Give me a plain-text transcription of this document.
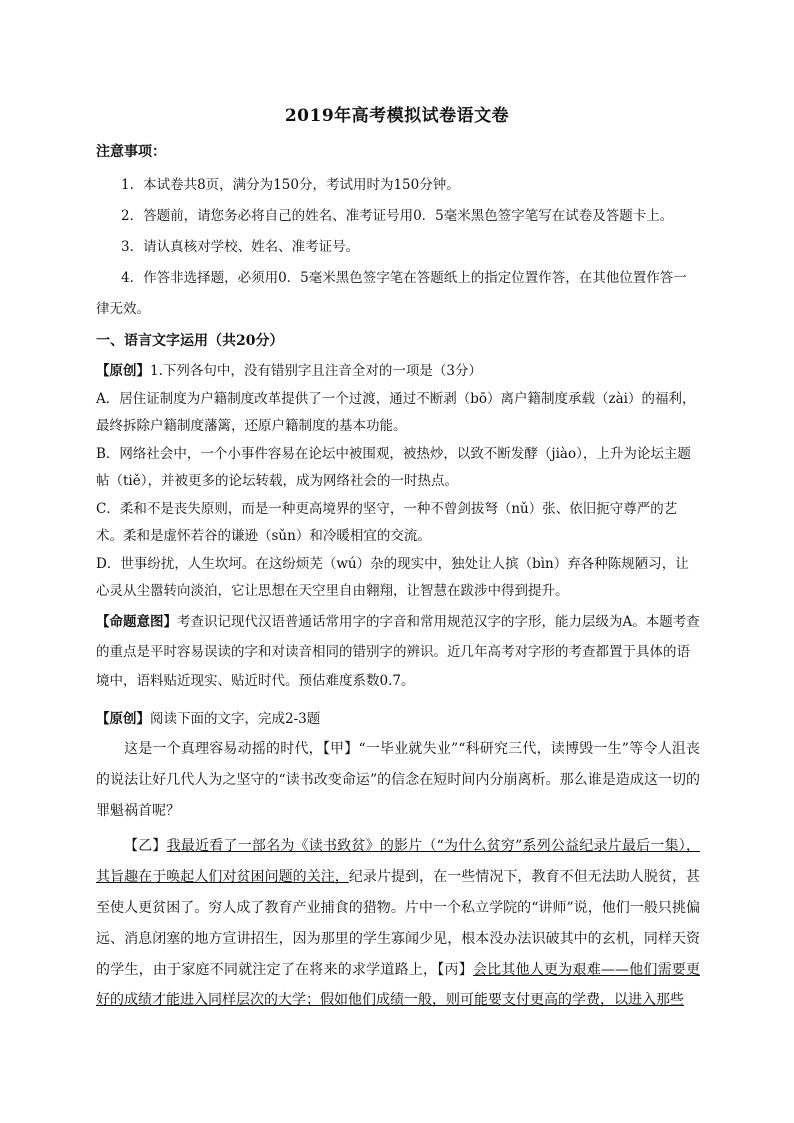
2019年高考模拟试卷语文卷
注意事项：

1．本试卷共8页，满分为150分，考试用时为150分钟。

2．答题前，请您务必将自己的姓名、准考证号用0．5毫米黑色签字笔写在试卷及答题卡上。

3．请认真核对学校、姓名、准考证号。

4．作答非选择题，必须用0．5毫米黑色签字笔在答题纸上的指定位置作答，在其他位置作答一律无效。

一、语言文字运用（共20分）

【原创】1.下列各句中，没有错别字且注音全对的一项是（3分）

A．居住证制度为户籍制度改革提供了一个过渡，通过不断剥（bō）离户籍制度承载（zài）的福利，最终拆除户籍制度藩篱，还原户籍制度的基本功能。

B．网络社会中，一个小事件容易在论坛中被围观，被热炒，以致不断发酵（jiào），上升为论坛主题帖（tiě），并被更多的论坛转载，成为网络社会的一时热点。

C．柔和不是丧失原则，而是一种更高境界的坚守，一种不曾剑拔弩（nǔ）张、依旧扼守尊严的艺术。柔和是虚怀若谷的谦逊（sǔn）和冷暖相宜的交流。

D．世事纷扰，人生坎坷。在这纷烦芜（wú）杂的现实中，独处让人摈（bìn）弃各种陈规陋习，让心灵从尘嚣转向淡泊，它让思想在天空里自由翱翔，让智慧在跋涉中得到提升。

【命题意图】考查识记现代汉语普通话常用字的字音和常用规范汉字的字形，能力层级为A。本题考查的重点是平时容易误读的字和对读音相同的错别字的辨识。近几年高考对字形的考查都置于具体的语境中，语料贴近现实、贴近时代。预估难度系数0.7。

【原创】阅读下面的文字，完成2-3题

这是一个真理容易动摇的时代，【甲】“一毕业就失业”“科研究三代，读博毁一生”等令人沮丧的说法让好几代人为之坚守的“读书改变命运”的信念在短时间内分崩离析。那么谁是造成这一切的罪魁祸首呢？

【乙】我最近看了一部名为《读书致贫》的影片（“为什么贫穷”系列公益纪录片最后一集），其旨趣在于唤起人们对贫困问题的关注，纪录片提到，在一些情况下，教育不但无法助人脱贫，甚至使人更贫困了。穷人成了教育产业捕食的猎物。片中一个私立学院的“讲师”说，他们一般只挑偏远、消息闭塞的地方宣讲招生，因为那里的学生寡闻少见，根本没办法识破其中的玄机，同样天资的学生，由于家庭不同就注定了在将来的求学道路上，【丙】会比其他人更为艰难——他们需要更好的成绩才能进入同样层次的大学；假如他们成绩一般，则可能要支付更高的学费，以进入那些
